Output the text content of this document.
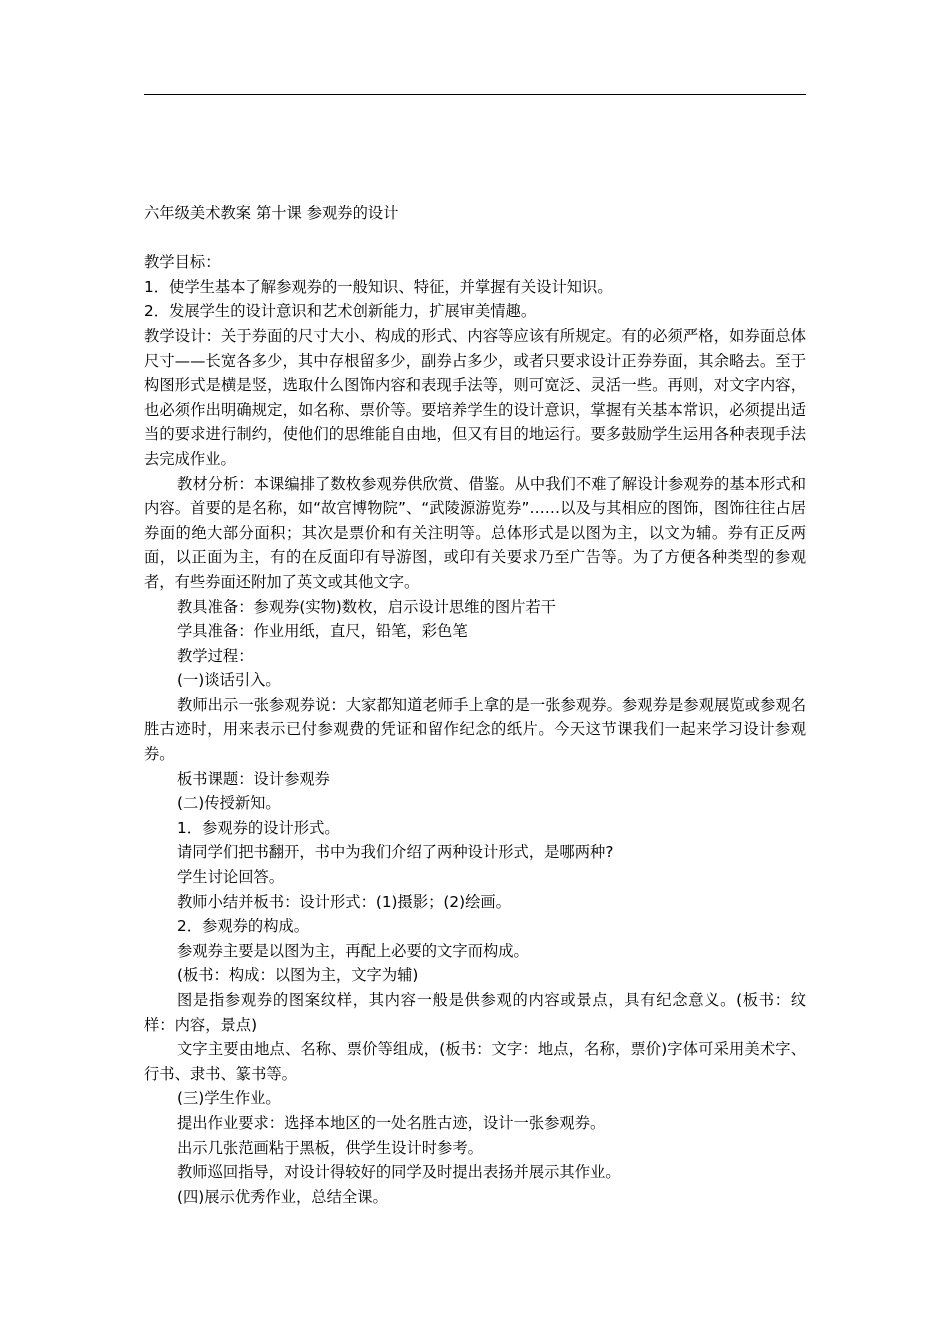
六年级美术教案 第十课 参观券的设计

教学目标：

1．使学生基本了解参观券的一般知识、特征，并掌握有关设计知识。

2．发展学生的设计意识和艺术创新能力，扩展审美情趣。

教学设计：关于券面的尺寸大小、构成的形式、内容等应该有所规定。有的必须严格，如券面总体尺寸——长宽各多少，其中存根留多少，副券占多少，或者只要求设计正券券面，其余略去。至于构图形式是横是竖，选取什么图饰内容和表现手法等，则可宽泛、灵活一些。再则，对文字内容，也必须作出明确规定，如名称、票价等。要培养学生的设计意识，掌握有关基本常识，必须提出适当的要求进行制约，使他们的思维能自由地，但又有目的地运行。要多鼓励学生运用各种表现手法去完成作业。

教材分析：本课编排了数枚参观券供欣赏、借鉴。从中我们不难了解设计参观券的基本形式和内容。首要的是名称，如“故宫博物院”、“武陵源游览券”……以及与其相应的图饰，图饰往往占居券面的绝大部分面积；其次是票价和有关注明等。总体形式是以图为主，以文为辅。券有正反两面，以正面为主，有的在反面印有导游图，或印有关要求乃至广告等。为了方便各种类型的参观者，有些券面还附加了英文或其他文字。

教具准备：参观券(实物)数枚，启示设计思维的图片若干

学具准备：作业用纸，直尺，铅笔，彩色笔

教学过程：

(一)谈话引入。

教师出示一张参观券说：大家都知道老师手上拿的是一张参观券。参观券是参观展览或参观名胜古迹时，用来表示已付参观费的凭证和留作纪念的纸片。今天这节课我们一起来学习设计参观券。

板书课题：设计参观券

(二)传授新知。

1．参观券的设计形式。

请同学们把书翻开，书中为我们介绍了两种设计形式，是哪两种?

学生讨论回答。

教师小结并板书：设计形式：(1)摄影；(2)绘画。

2．参观券的构成。

参观券主要是以图为主，再配上必要的文字而构成。

(板书：构成：以图为主，文字为辅)

图是指参观券的图案纹样，其内容一般是供参观的内容或景点，具有纪念意义。(板书：纹样：内容，景点)

文字主要由地点、名称、票价等组成，(板书：文字：地点，名称，票价)字体可采用美术字、行书、隶书、篆书等。

(三)学生作业。

提出作业要求：选择本地区的一处名胜古迹，设计一张参观券。

出示几张范画粘于黑板，供学生设计时参考。

教师巡回指导，对设计得较好的同学及时提出表扬并展示其作业。

(四)展示优秀作业，总结全课。
